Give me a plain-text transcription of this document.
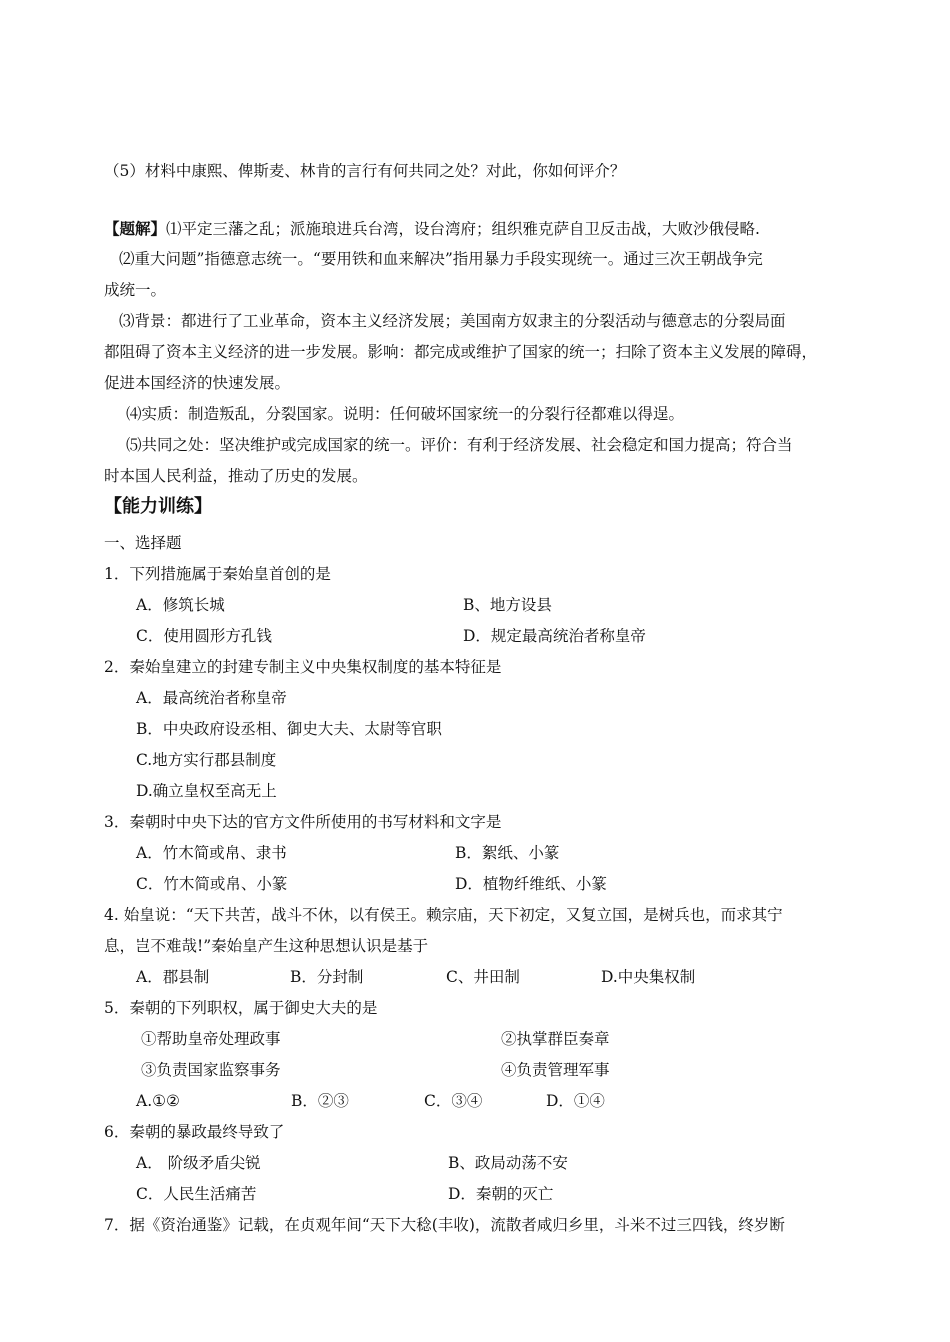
（5）材料中康熙、俾斯麦、林肯的言行有何共同之处？对此，你如何评介？
【题解】⑴平定三藩之乱；派施琅进兵台湾，设台湾府；组织雅克萨自卫反击战，大败沙俄侵略.
⑵重大问题”指德意志统一。“要用铁和血来解决”指用暴力手段实现统一。通过三次王朝战争完
成统一。
⑶背景：都进行了工业革命，资本主义经济发展；美国南方奴隶主的分裂活动与德意志的分裂局面
都阻碍了资本主义经济的进一步发展。影响：都完成或维护了国家的统一；扫除了资本主义发展的障碍，
促进本国经济的快速发展。
⑷实质：制造叛乱，分裂国家。说明：任何破坏国家统一的分裂行径都难以得逞。
⑸共同之处：坚决维护或完成国家的统一。评价：有利于经济发展、社会稳定和国力提高；符合当
时本国人民利益，推动了历史的发展。
【能力训练】
一、选择题
1．下列措施属于秦始皇首创的是
A．修筑长城	B、地方设县
C．使用圆形方孔钱	D．规定最高统治者称皇帝
2．秦始皇建立的封建专制主义中央集权制度的基本特征是
A．最高统治者称皇帝
B．中央政府设丞相、御史大夫、太尉等官职
C.地方实行郡县制度
D.确立皇权至高无上
3．秦朝时中央下达的官方文件所使用的书写材料和文字是
A．竹木简或帛、隶书	B．絮纸、小篆
C．竹木简或帛、小篆	D．植物纤维纸、小篆
4. 始皇说：“天下共苦，战斗不休，以有侯王。赖宗庙，天下初定，又复立国，是树兵也，而求其宁
息，岂不难哉!”秦始皇产生这种思想认识是基于
A．郡县制	B．分封制	C、井田制	D.中央集权制
5．秦朝的下列职权，属于御史大夫的是
①帮助皇帝处理政事	②执掌群臣奏章
③负责国家监察事务	④负责管理军事
A.①②	B．②③	C．③④	D．①④
6．秦朝的暴政最终导致了
A． 阶级矛盾尖锐	B、政局动荡不安
C．人民生活痛苦	D．秦朝的灭亡
7．据《资治通鉴》记载，在贞观年间“天下大稔(丰收)，流散者咸归乡里，斗米不过三四钱，终岁断
